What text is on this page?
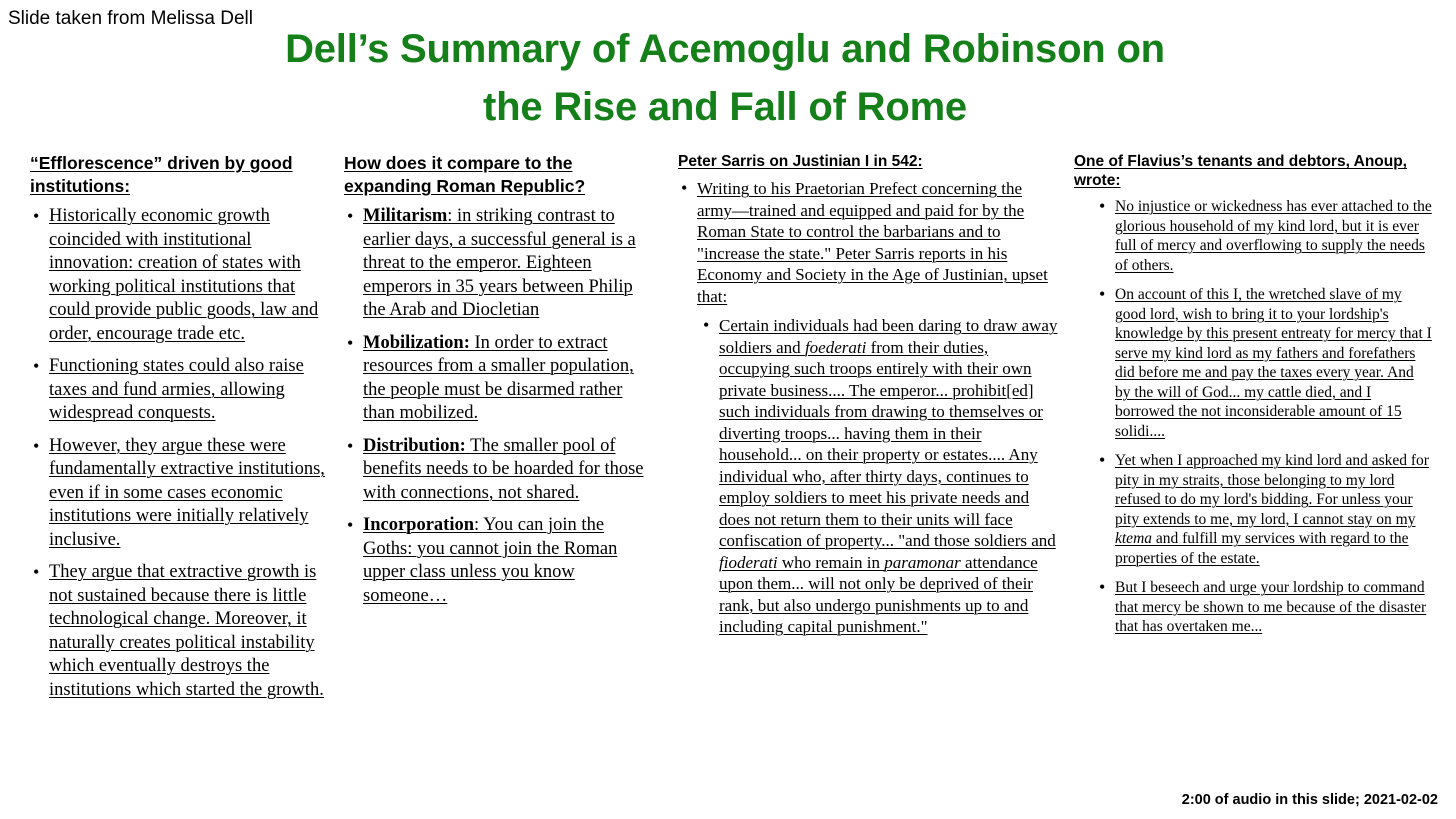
Slide taken from Melissa Dell
Dell’s Summary of Acemoglu and Robinson on
the Rise and Fall of Rome
“Efflorescence” driven by good institutions:
• Historically economic growth coincided with institutional innovation: creation of states with working political institutions that could provide public goods, law and order, encourage trade etc.
• Functioning states could also raise taxes and fund armies, allowing widespread conquests.
• However, they argue these were fundamentally extractive institutions, even if in some cases economic institutions were initially relatively inclusive.
• They argue that extractive growth is not sustained because there is little technological change. Moreover, it naturally creates political instability which eventually destroys the institutions which started the growth.
How does it compare to the expanding Roman Republic?
• Militarism: in striking contrast to earlier days, a successful general is a threat to the emperor. Eighteen emperors in 35 years between Philip the Arab and Diocletian
• Mobilization: In order to extract resources from a smaller population, the people must be disarmed rather than mobilized.
• Distribution: The smaller pool of benefits needs to be hoarded for those with connections, not shared.
• Incorporation: You can join the Goths: you cannot join the Roman upper class unless you know someone…
Peter Sarris on Justinian I in 542:
• Writing to his Praetorian Prefect concerning the army—trained and equipped and paid for by the Roman State to control the barbarians and to "increase the state." Peter Sarris reports in his Economy and Society in the Age of Justinian, upset that:
• Certain individuals had been daring to draw away soldiers and foederati from their duties, occupying such troops entirely with their own private business.... The emperor... prohibit[ed] such individuals from drawing to themselves or diverting troops... having them in their household... on their property or estates.... Any individual who, after thirty days, continues to employ soldiers to meet his private needs and does not return them to their units will face confiscation of property... "and those soldiers and fioderati who remain in paramonar attendance upon them... will not only be deprived of their rank, but also undergo punishments up to and including capital punishment."
One of Flavius’s tenants and debtors, Anoup, wrote:
• No injustice or wickedness has ever attached to the glorious household of my kind lord, but it is ever full of mercy and overflowing to supply the needs of others.
• On account of this I, the wretched slave of my good lord, wish to bring it to your lordship's knowledge by this present entreaty for mercy that I serve my kind lord as my fathers and forefathers did before me and pay the taxes every year. And by the will of God... my cattle died, and I borrowed the not inconsiderable amount of 15 solidi....
• Yet when I approached my kind lord and asked for pity in my straits, those belonging to my lord refused to do my lord's bidding. For unless your pity extends to me, my lord, I cannot stay on my ktema and fulfill my services with regard to the properties of the estate.
• But I beseech and urge your lordship to command that mercy be shown to me because of the disaster that has overtaken me...
2:00 of audio in this slide; 2021-02-02
